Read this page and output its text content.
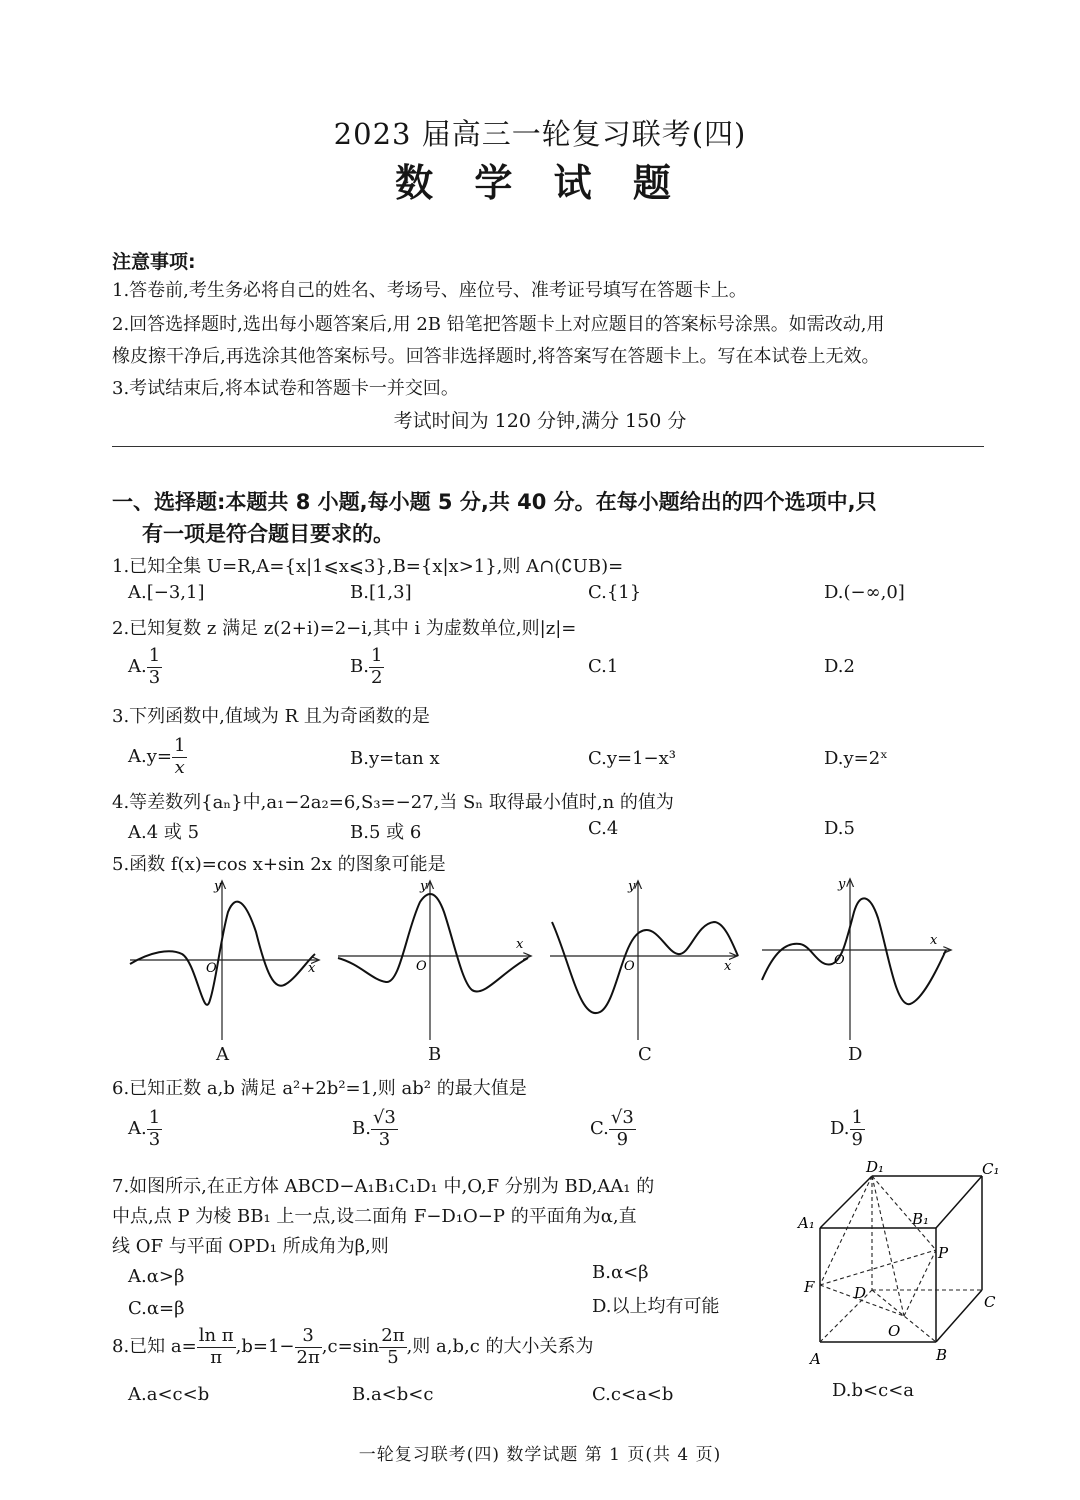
2023 届高三一轮复习联考(四)
数 学 试 题
注意事项:
1.答卷前,考生务必将自己的姓名、考场号、座位号、准考证号填写在答题卡上。
2.回答选择题时,选出每小题答案后,用 2B 铅笔把答题卡上对应题目的答案标号涂黑。如需改动,用
橡皮擦干净后,再选涂其他答案标号。回答非选择题时,将答案写在答题卡上。写在本试卷上无效。
3.考试结束后,将本试卷和答题卡一并交回。
考试时间为 120 分钟,满分 150 分
一、选择题:本题共 8 小题,每小题 5 分,共 40 分。在每小题给出的四个选项中,只
有一项是符合题目要求的。
1.已知全集 U=R,A={x|1⩽x⩽3},B={x|x>1},则 A∩(∁UB)=
A.[−3,1]	B.[1,3]	C.{1}	D.(−∞,0]
2.已知复数 z 满足 z(2+i)=2−i,其中 i 为虚数单位,则|z|=
A. $\frac{1}{3}$	B. $\frac{1}{2}$	C.1	D.2
3.下列函数中,值域为 R 且为奇函数的是
$A.y= \frac{1}{x}$	B.y=tan x	C.y=1−x³	D.y=2ˣ
4.等差数列{aₙ}中,a₁−2a₂=6,S₃=−27,当 Sₙ 取得最小值时,n 的值为
A.4 或 5	B.5 或 6	C.4	D.5
5.函数 f(x)=cos x+sin 2x 的图象可能是
O
y
x	O
y
x
O
y
x	O
y
x
A	B	C	D
6.已知正数 a,b 满足 a²+2b²=1,则 ab² 的最大值是
A. $\frac{1}{3}$	B. $\frac{√3}{3}$	C. $\frac{√3}{9}$	D. $\frac{1}{9}$
7.如图所示,在正方体 ABCD−A₁B₁C₁D₁ 中,O,F 分别为 BD,AA₁ 的
中点,点 P 为棱 BB₁ 上一点,设二面角 F−D₁O−P 的平面角为α,直
线 OF 与平面 OPD₁ 所成角为β,则
A.α>β	B.α<β
C.α=β	D.以上均有可能
D₁	C₁
A₁	B₁
P
F	D	C
O
A	B
8.已知 $a= \frac{\text{ln π}}{\pi} ,b=1- \frac{3}{2\pi} ,c=\sin \frac{2\pi}{5}$ ,则 a,b,c 的大小关系为
A.a<c<b	B.a<b<c	C.c<a<b	D.b<c<a
一轮复习联考(四) 数学试题 第 1 页(共 4 页)
